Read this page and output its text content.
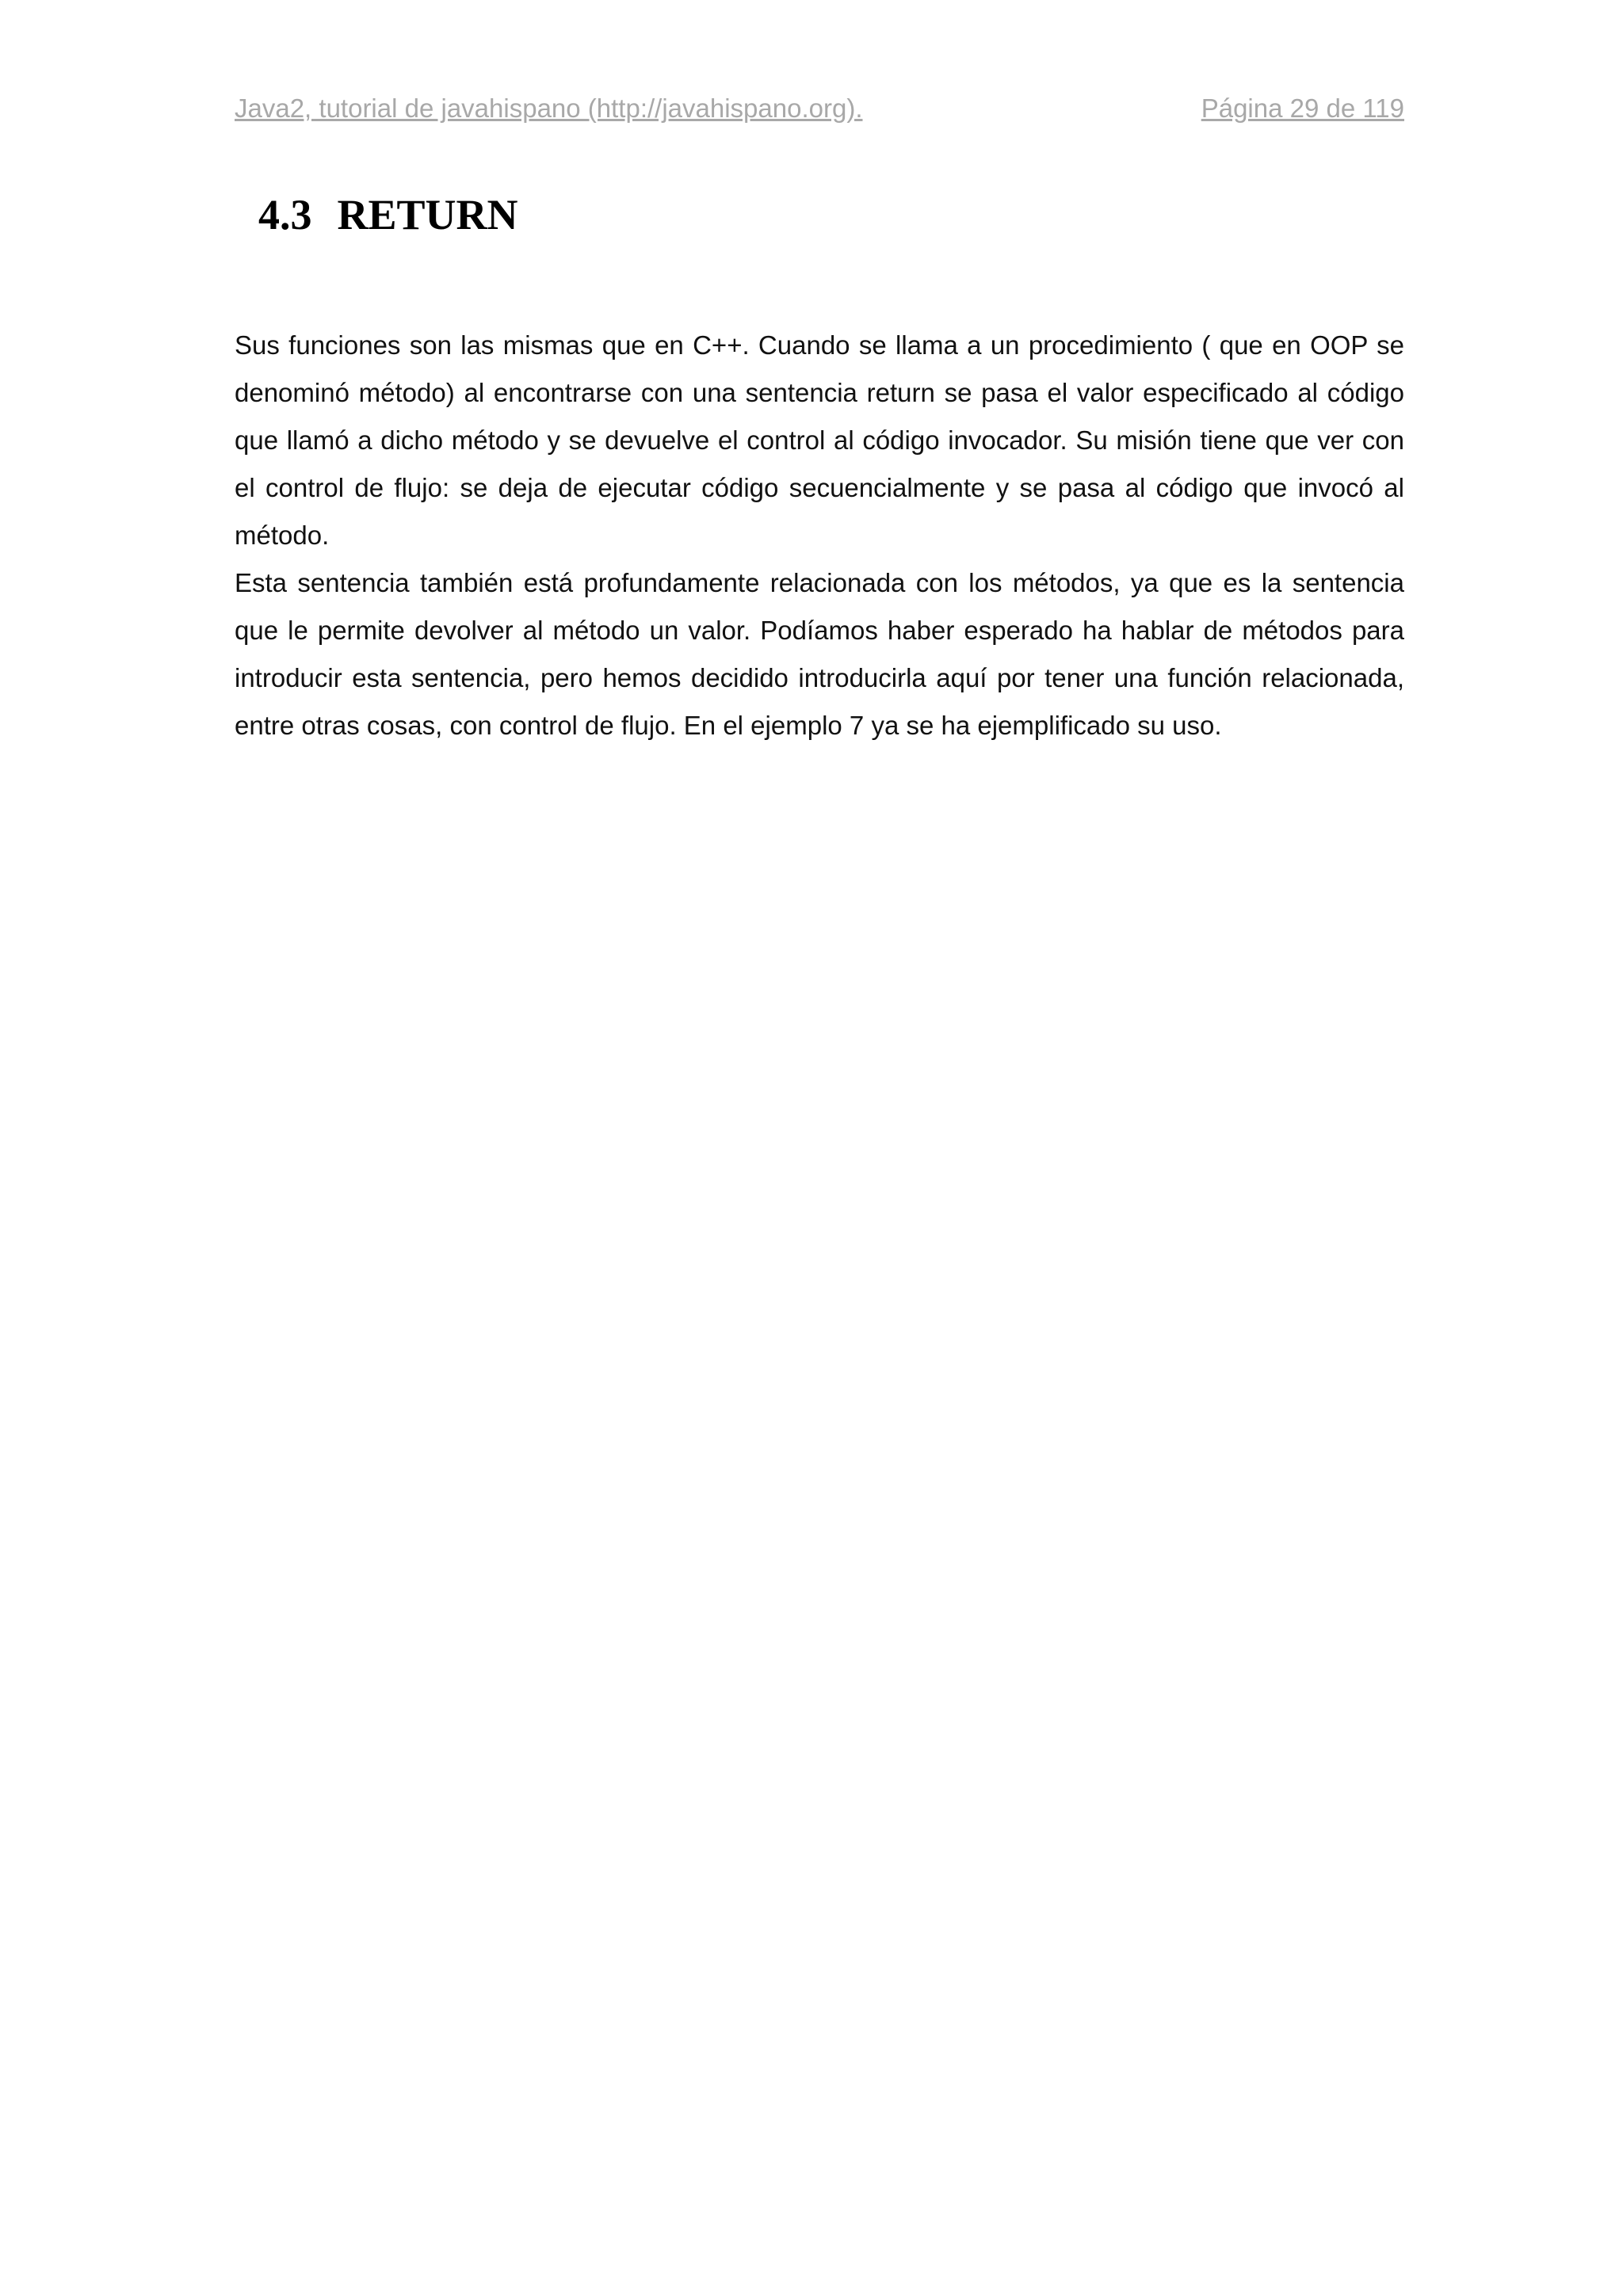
Java2, tutorial de javahispano (http://javahispano.org).	Página 29 de 119
4.3 RETURN

Sus funciones son las mismas que en C++. Cuando se llama a un procedimiento ( que en OOP se denominó método) al encontrarse con una sentencia return se pasa el valor especificado al código que llamó a dicho método y se devuelve el control al código invocador. Su misión tiene que ver con el control de flujo: se deja de ejecutar código secuencialmente y se pasa al código que invocó al método.

Esta sentencia también está profundamente relacionada con los métodos, ya que es la sentencia que le permite devolver al método un valor. Podíamos haber esperado ha hablar de métodos para introducir esta sentencia, pero hemos decidido introducirla aquí por tener una función relacionada, entre otras cosas, con control de flujo. En el ejemplo 7 ya se ha ejemplificado su uso.
